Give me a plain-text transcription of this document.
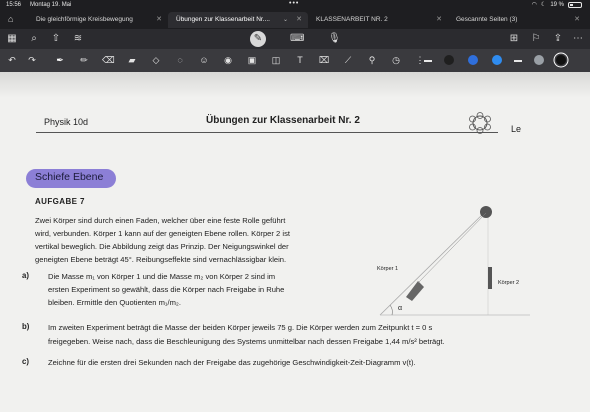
15:56 Montag 19. Mai	•••	◠ ☾ 19 %
⌂	Die gleichförmige Kreisbewegung	✕	Übungen zur Klassenarbeit Nr.... ⌄ ✕	KLASSENARBEIT NR. 2	✕	Gescannte Seiten (3)	✕
▦	⌕	⇧ ≋	✎	⌨ 🎙︎	⊞ ⚐ ⇪ ⋯
↶ ↷ ✒ ✏ ⌫ ▰ ◇	◌	☺ ◉ ▣ ◫	T	⌧	⟋	⚲	◷ ⋮
Physik 10d	Übungen zur Klassenarbeit Nr. 2
Le
Schiefe Ebene
AUFGABE 7
Zwei Körper sind durch einen Faden, welcher über eine feste Rolle geführt
wird, verbunden. Körper 1 kann auf der geneigten Ebene rollen. Körper 2 ist
vertikal beweglich. Die Abbildung zeigt das Prinzip. Der Neigungswinkel der
geneigten Ebene beträgt 45°. Reibungseffekte sind vernachlässigbar klein.
a)	Die Masse m₁ von Körper 1 und die Masse m₂ von Körper 2 sind im
ersten Experiment so gewählt, dass die Körper nach Freigabe in Ruhe
bleiben. Ermittle den Quotienten m₁/m₂.
b) Im zweiten Experiment beträgt die Masse der beiden Körper jeweils 75 g. Die Körper werden zum Zeitpunkt t = 0 s
freigegeben. Weise nach, dass die Beschleunigung des Systems unmittelbar nach dessen Freigabe 1,44 m/s² beträgt.
c)	Zeichne für die ersten drei Sekunden nach der Freigabe das zugehörige Geschwindigkeit-Zeit-Diagramm v(t).
Körper 1
Körper 2
α
